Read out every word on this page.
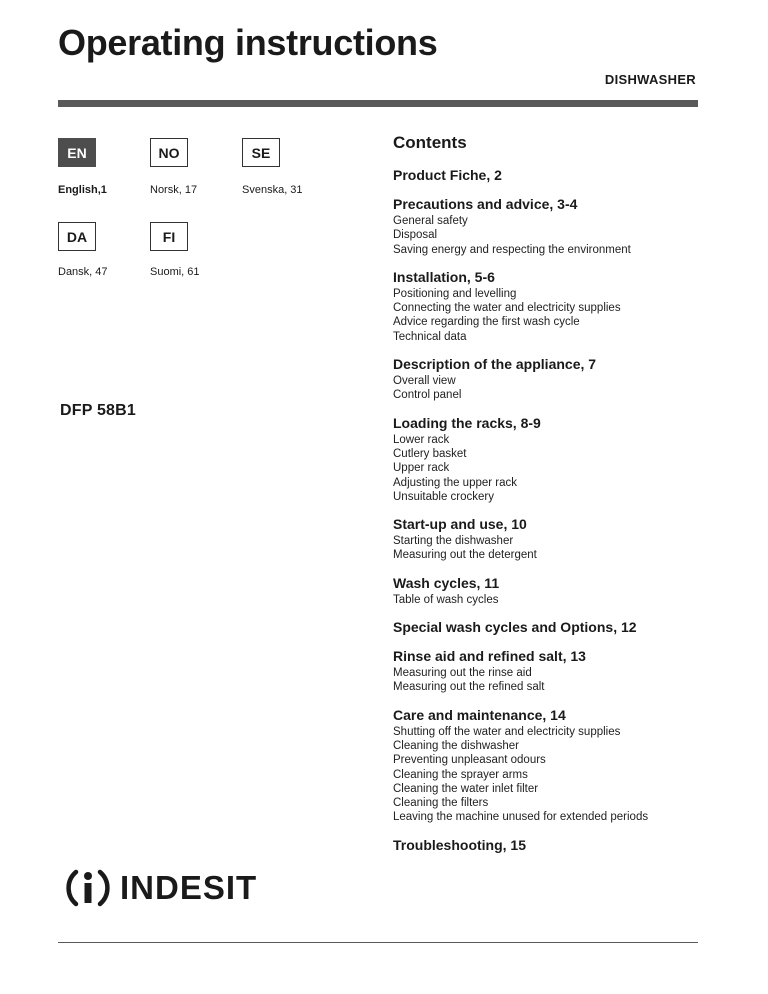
Operating instructions
DISHWASHER
EN	NO	SE
English,1	Norsk, 17	Svenska, 31
DA	FI
Dansk, 47	Suomi, 61
DFP 58B1
Contents
Product Fiche, 2
Precautions and advice, 3-4
General safety
Disposal
Saving energy and respecting the environment
Installation, 5-6
Positioning and levelling
Connecting the water and electricity supplies
Advice regarding the first wash cycle
Technical data
Description of the appliance, 7
Overall view
Control panel
Loading the racks, 8-9
Lower rack
Cutlery basket
Upper rack
Adjusting the upper rack
Unsuitable crockery
Start-up and use, 10
Starting the dishwasher
Measuring out the detergent
Wash cycles, 11
Table of wash cycles
Special wash cycles and Options, 12
Rinse aid and refined salt, 13
Measuring out the rinse aid
Measuring out the refined salt
Care and maintenance, 14
Shutting off the water and electricity supplies
Cleaning the dishwasher
Preventing unpleasant odours
Cleaning the sprayer arms
Cleaning the water inlet filter
Cleaning the filters
Leaving the machine unused for extended periods
Troubleshooting, 15
INDESIT
